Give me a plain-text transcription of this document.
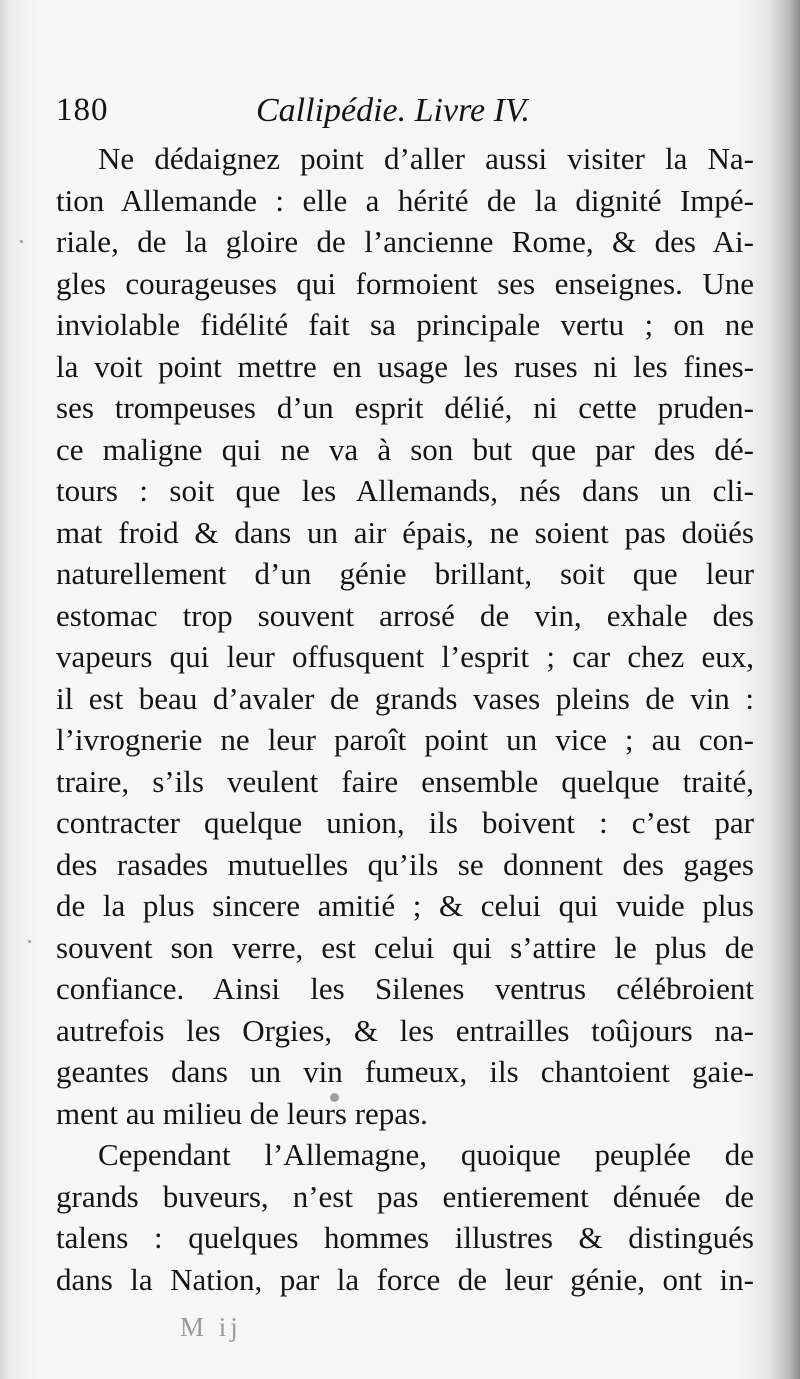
180	Callipédie. Livre IV.
Ne dédaignez point d’aller aussi visiter la Na-
tion Allemande : elle a hérité de la dignité Impé-
riale, de la gloire de l’ancienne Rome, & des Ai-
gles courageuses qui formoient ses enseignes. Une
inviolable fidélité fait sa principale vertu ; on ne
la voit point mettre en usage les ruses ni les fines-
ses trompeuses d’un esprit délié, ni cette pruden-
ce maligne qui ne va à son but que par des dé-
tours : soit que les Allemands, nés dans un cli-
mat froid & dans un air épais, ne soient pas doüés
naturellement d’un génie brillant, soit que leur
estomac trop souvent arrosé de vin, exhale des
vapeurs qui leur offusquent l’esprit ; car chez eux,
il est beau d’avaler de grands vases pleins de vin :
l’ivrognerie ne leur paroît point un vice ; au con-
traire, s’ils veulent faire ensemble quelque traité,
contracter quelque union, ils boivent : c’est par
des rasades mutuelles qu’ils se donnent des gages
de la plus sincere amitié ; & celui qui vuide plus
souvent son verre, est celui qui s’attire le plus de
confiance. Ainsi les Silenes ventrus célébroient
autrefois les Orgies, & les entrailles toûjours na-
geantes dans un vin fumeux, ils chantoient gaie-
ment au milieu de leurs repas.
Cependant l’Allemagne, quoique peuplée de
grands buveurs, n’est pas entierement dénuée de
talens : quelques hommes illustres & distingués
dans la Nation, par la force de leur génie, ont in-
M ij
